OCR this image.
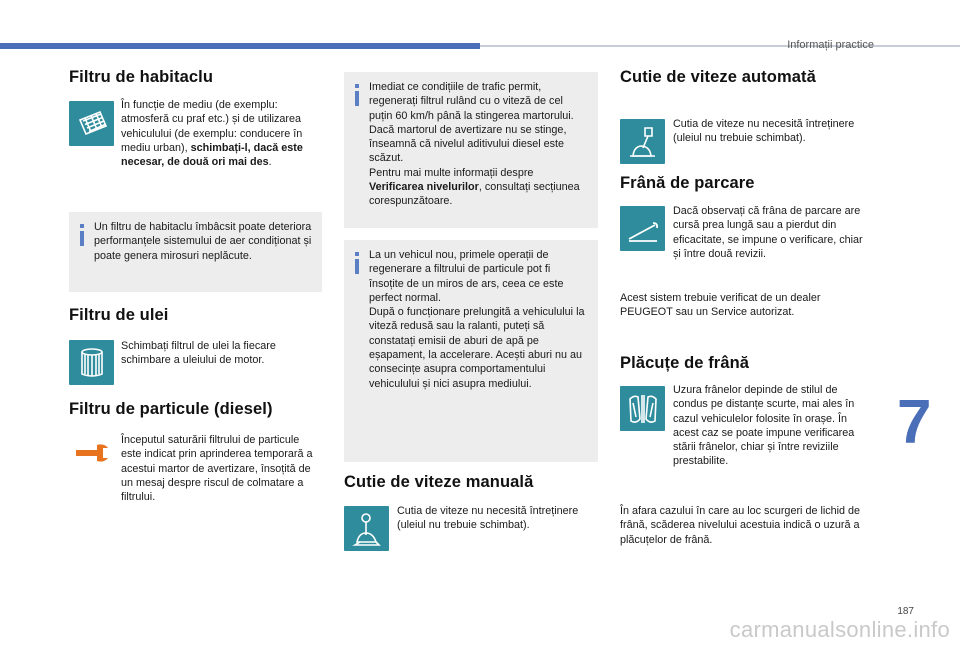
Informații practice
Filtru de habitaclu

În funcție de mediu (de exemplu: atmosferă cu praf etc.) și de utilizarea vehiculului (de exemplu: conducere în mediu urban), schimbați-l, dacă este necesar, de două ori mai des.

Un filtru de habitaclu îmbâcsit poate deteriora performanțele sistemului de aer condiționat și poate genera mirosuri neplăcute.
Filtru de ulei

Schimbați filtrul de ulei la fiecare schimbare a uleiului de motor.

Filtru de particule (diesel)

Începutul saturării filtrului de particule este indicat prin aprinderea temporară a acestui martor de avertizare, însoțită de un mesaj despre riscul de colmatare a filtrului.

Imediat ce condițiile de trafic permit, regenerați filtrul rulând cu o viteză de cel puțin 60 km/h până la stingerea martorului.
Dacă martorul de avertizare nu se stinge, înseamnă că nivelul aditivului diesel este scăzut.
Pentru mai multe informații despre Verificarea nivelurilor, consultați secțiunea corespunzătoare.
La un vehicul nou, primele operații de regenerare a filtrului de particule pot fi însoțite de un miros de ars, ceea ce este perfect normal.
După o funcționare prelungită a vehiculului la viteză redusă sau la ralanti, puteți să constatați emisii de aburi de apă pe eșapament, la accelerare. Acești aburi nu au consecințe asupra comportamentului vehiculului și nici asupra mediului.
Cutie de viteze manuală

Cutia de viteze nu necesită întreținere (uleiul nu trebuie schimbat).

Cutie de viteze automată

Cutia de viteze nu necesită întreținere (uleiul nu trebuie schimbat).

Frână de parcare

Dacă observați că frâna de parcare are cursă prea lungă sau a pierdut din eficacitate, se impune o verificare, chiar și între două revizii.

Acest sistem trebuie verificat de un dealer PEUGEOT sau un Service autorizat.

Plăcuțe de frână

Uzura frânelor depinde de stilul de condus pe distanțe scurte, mai ales în cazul vehiculelor folosite în orașe. În acest caz se poate impune verificarea stării frânelor, chiar și între reviziile prestabilite.

În afara cazului în care au loc scurgeri de lichid de frână, scăderea nivelului acestuia indică o uzură a plăcuțelor de frână.

7
187
carmanualsonline.info
